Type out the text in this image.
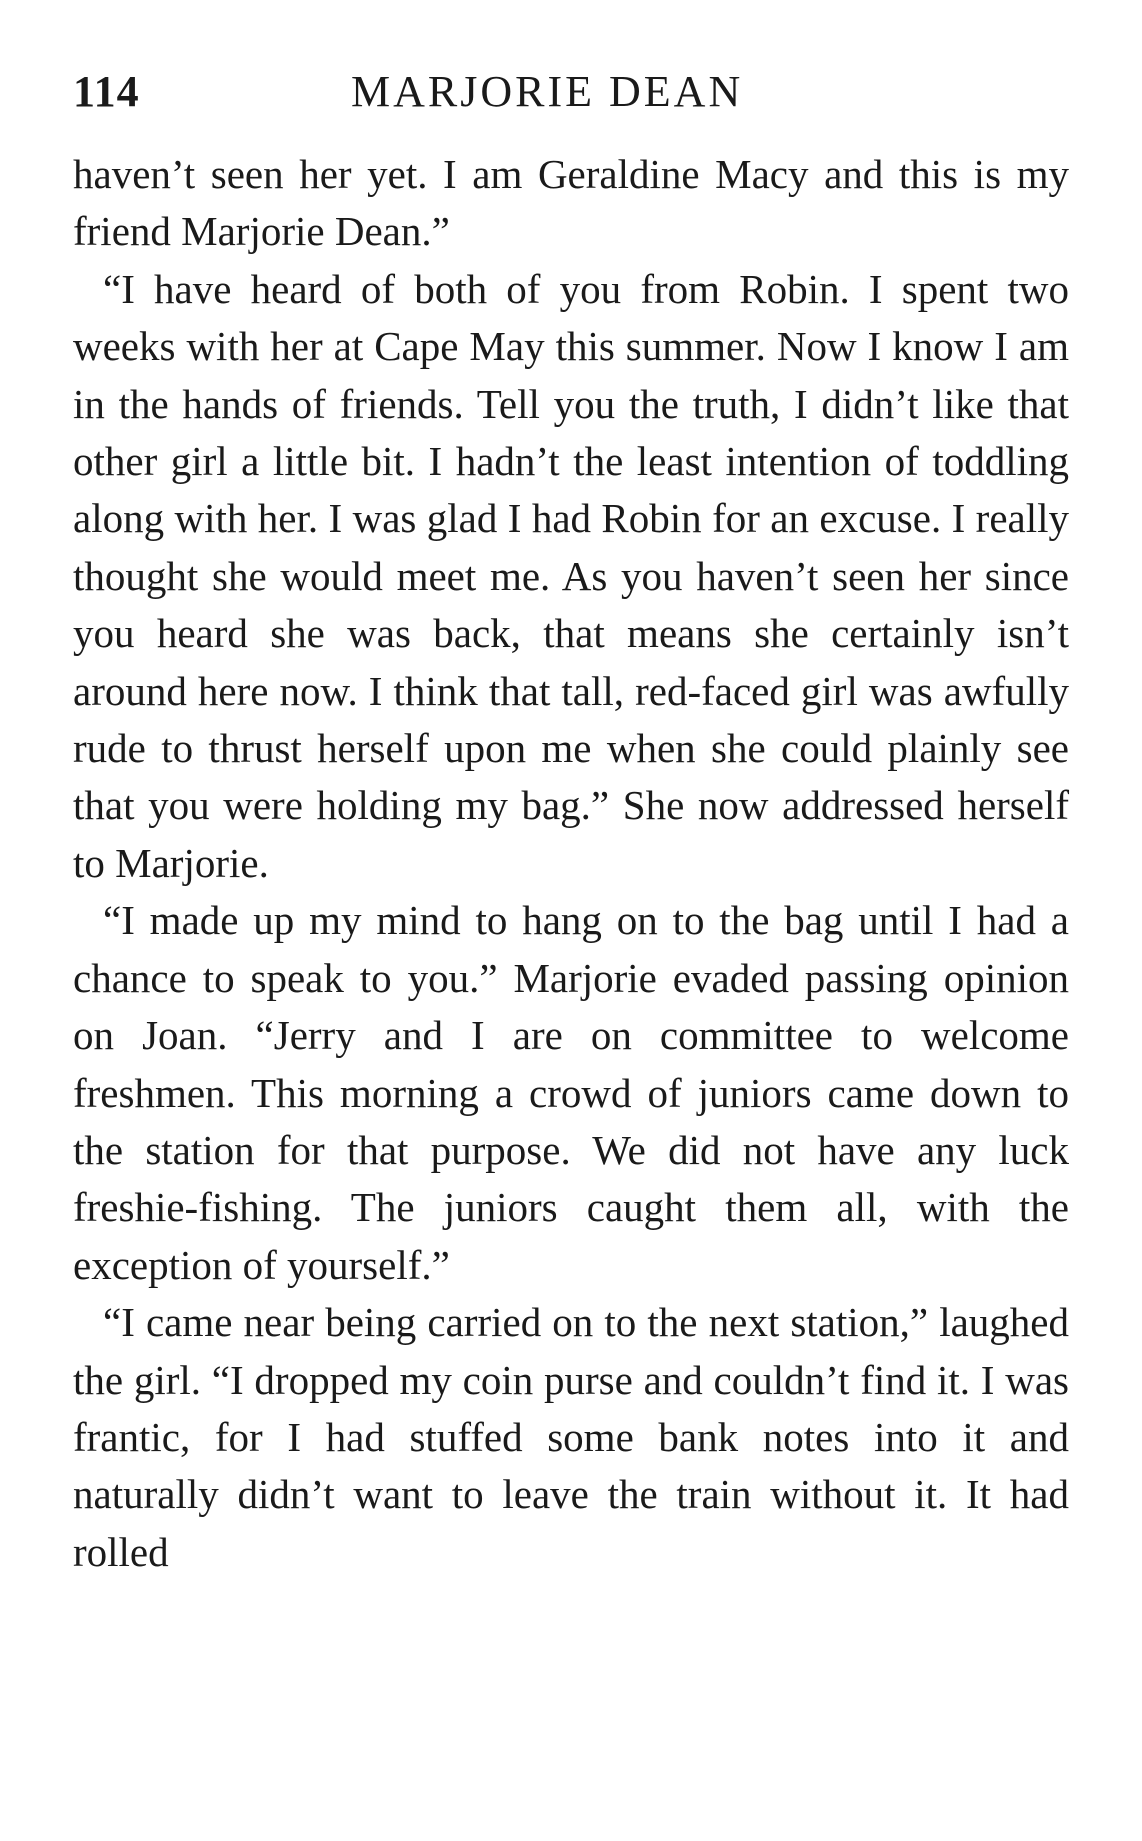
114	MARJORIE DEAN

haven’t seen her yet. I am Geraldine Macy and this is my friend Marjorie Dean.”

“I have heard of both of you from Robin. I spent two weeks with her at Cape May this summer. Now I know I am in the hands of friends. Tell you the truth, I didn’t like that other girl a little bit. I hadn’t the least intention of toddling along with her. I was glad I had Robin for an excuse. I really thought she would meet me. As you haven’t seen her since you heard she was back, that means she certainly isn’t around here now. I think that tall, red-faced girl was awfully rude to thrust herself upon me when she could plainly see that you were holding my bag.” She now addressed herself to Marjorie.

“I made up my mind to hang on to the bag until I had a chance to speak to you.” Marjorie evaded passing opinion on Joan. “Jerry and I are on committee to welcome freshmen. This morning a crowd of juniors came down to the station for that purpose. We did not have any luck freshie-fishing. The juniors caught them all, with the exception of yourself.”

“I came near being carried on to the next station,” laughed the girl. “I dropped my coin purse and couldn’t find it. I was frantic, for I had stuffed some bank notes into it and naturally didn’t want to leave the train without it. It had rolled
